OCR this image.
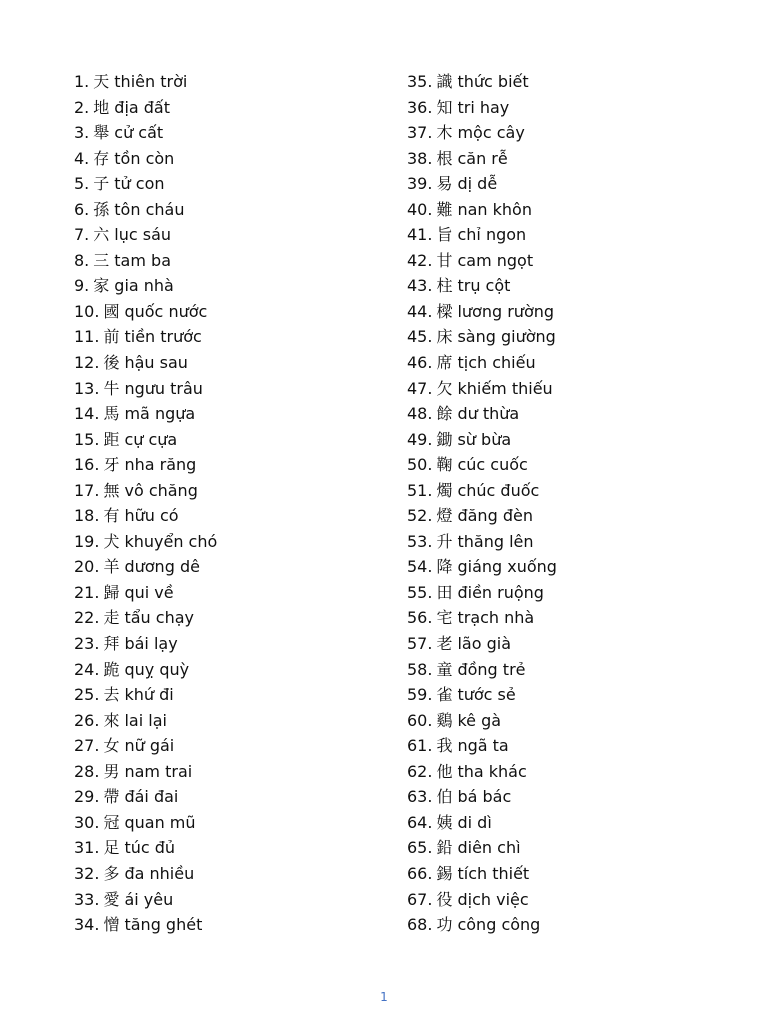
1. 天 thiên trời
2. 地 địa đất
3. 舉 cử cất
4. 存 tồn còn
5. 子 tử con
6. 孫 tôn cháu
7. 六 lục sáu
8. 三 tam ba
9. 家 gia nhà
10. 國 quốc nước
11. 前 tiền trước
12. 後 hậu sau
13. 牛 ngưu trâu
14. 馬 mã ngựa
15. 距 cự cựa
16. 牙 nha răng
17. 無 vô chăng
18. 有 hữu có
19. 犬 khuyển chó
20. 羊 dương dê
21. 歸 qui về
22. 走 tẩu chạy
23. 拜 bái lạy
24. 跪 quỵ quỳ
25. 去 khứ đi
26. 來 lai lại
27. 女 nữ gái
28. 男 nam trai
29. 帶 đái đai
30. 冠 quan mũ
31. 足 túc đủ
32. 多 đa nhiều
33. 愛 ái yêu
34. 憎 tăng ghét
35. 識 thức biết
36. 知 tri hay
37. 木 mộc cây
38. 根 căn rễ
39. 易 dị dễ
40. 難 nan khôn
41. 旨 chỉ ngon
42. 甘 cam ngọt
43. 柱 trụ cột
44. 樑 lương rường
45. 床 sàng giường
46. 席 tịch chiếu
47. 欠 khiếm thiếu
48. 餘 dư thừa
49. 鋤 sừ bừa
50. 鞠 cúc cuốc
51. 燭 chúc đuốc
52. 燈 đăng đèn
53. 升 thăng lên
54. 降 giáng xuống
55. 田 điền ruộng
56. 宅 trạch nhà
57. 老 lão già
58. 童 đồng trẻ
59. 雀 tước sẻ
60. 鷄 kê gà
61. 我 ngã ta
62. 他 tha khác
63. 伯 bá bác
64. 姨 di dì
65. 鉛 diên chì
66. 錫 tích thiết
67. 役 dịch việc
68. 功 công công
1
